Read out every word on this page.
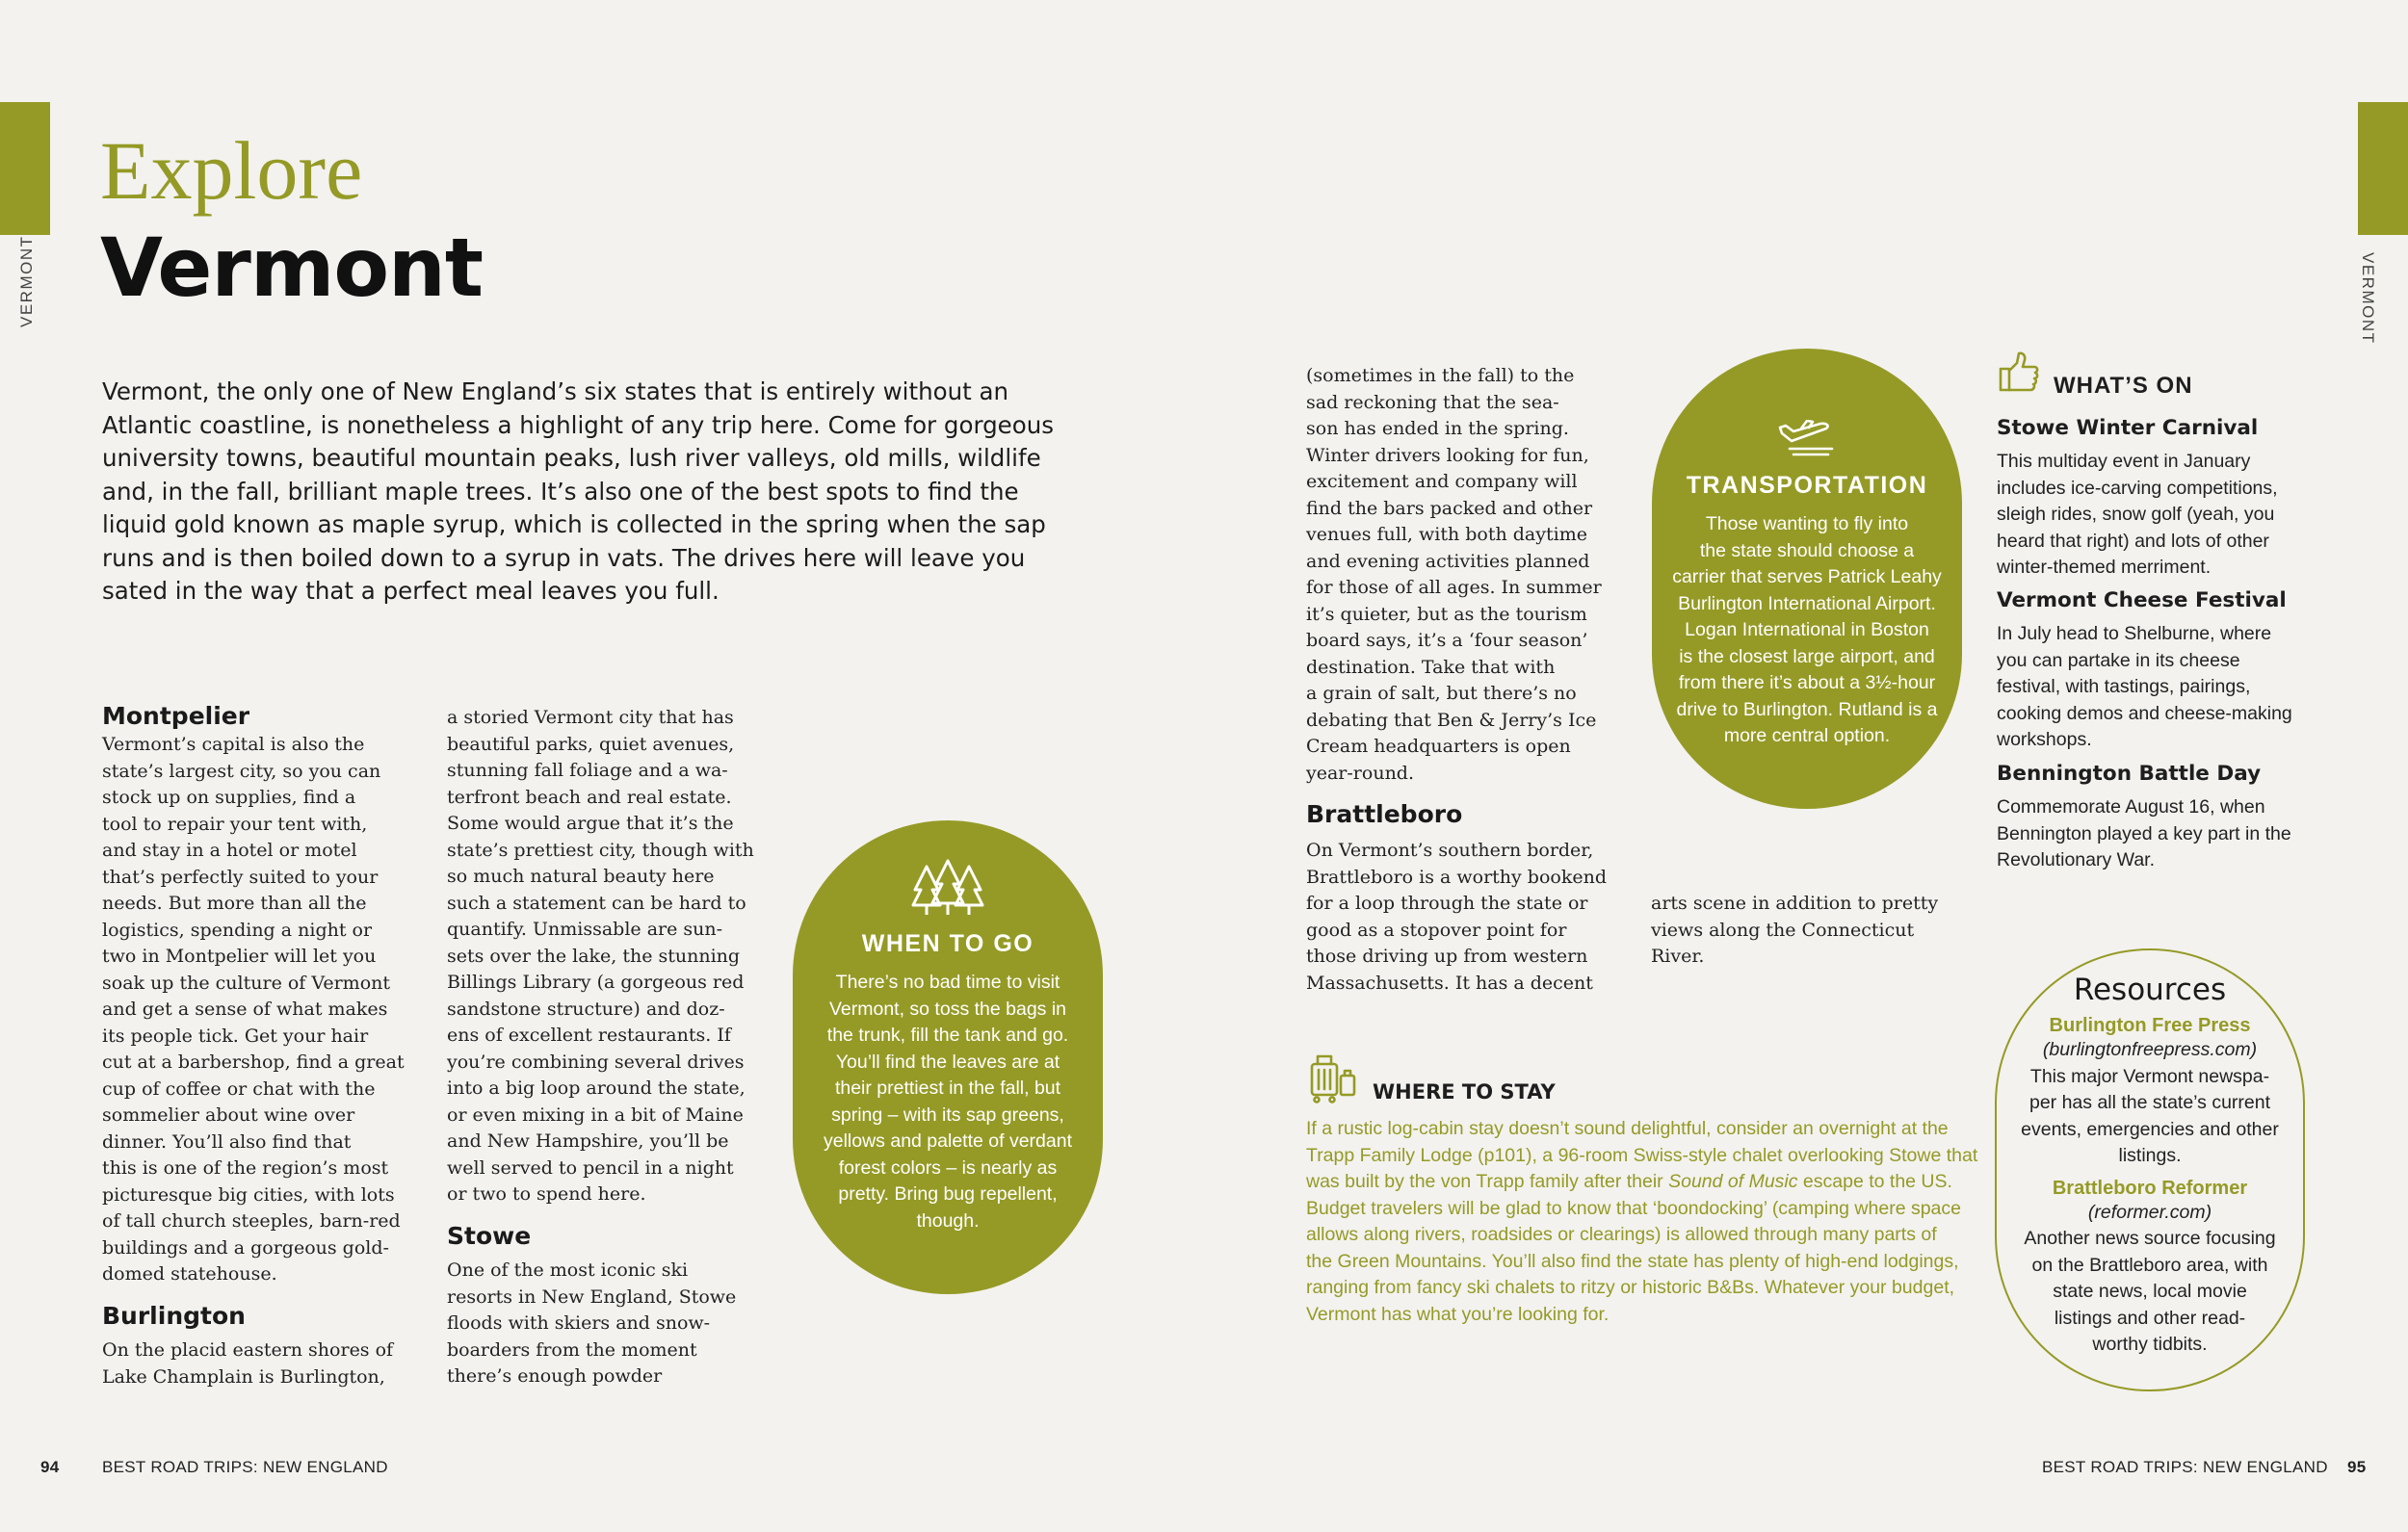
VERMONT
Explore
Vermont
Vermont, the only one of New England’s six states that is entirely without an Atlantic coastline, is nonetheless a highlight of any trip here. Come for gorgeous university towns, beautiful mountain peaks, lush river valleys, old mills, wildlife and, in the fall, brilliant maple trees. It’s also one of the best spots to find the liquid gold known as maple syrup, which is collected in the spring when the sap runs and is then boiled down to a syrup in vats. The drives here will leave you sated in the way that a perfect meal leaves you full.
Montpelier
Vermont’s capital is also the
state’s largest city, so you can
stock up on supplies, find a
tool to repair your tent with,
and stay in a hotel or motel
that’s perfectly suited to your
needs. But more than all the
logistics, spending a night or
two in Montpelier will let you
soak up the culture of Vermont
and get a sense of what makes
its people tick. Get your hair
cut at a barbershop, find a great
cup of coffee or chat with the
sommelier about wine over
dinner. You’ll also find that
this is one of the region’s most
picturesque big cities, with lots
of tall church steeples, barn-red
buildings and a gorgeous gold-
domed statehouse.
Burlington
On the placid eastern shores of
Lake Champlain is Burlington,
a storied Vermont city that has
beautiful parks, quiet avenues,
stunning fall foliage and a wa-
terfront beach and real estate.
Some would argue that it’s the
state’s prettiest city, though with
so much natural beauty here
such a statement can be hard to
quantify. Unmissable are sun-
sets over the lake, the stunning
Billings Library (a gorgeous red
sandstone structure) and doz-
ens of excellent restaurants. If
you’re combining several drives
into a big loop around the state,
or even mixing in a bit of Maine
and New Hampshire, you’ll be
well served to pencil in a night
or two to spend here.
Stowe
One of the most iconic ski
resorts in New England, Stowe
floods with skiers and snow-
boarders from the moment
there’s enough powder
WHEN TO GO
There’s no bad time to visit
Vermont, so toss the bags in
the trunk, fill the tank and go.
You’ll find the leaves are at
their prettiest in the fall, but
spring – with its sap greens,
yellows and palette of verdant
forest colors – is nearly as
pretty. Bring bug repellent,
though.
94	BEST ROAD TRIPS: NEW ENGLAND
VERMONT
(sometimes in the fall) to the
sad reckoning that the sea-
son has ended in the spring.
Winter drivers looking for fun,
excitement and company will
find the bars packed and other
venues full, with both daytime
and evening activities planned
for those of all ages. In summer
it’s quieter, but as the tourism
board says, it’s a ‘four season’
destination. Take that with
a grain of salt, but there’s no
debating that Ben & Jerry’s Ice
Cream headquarters is open
year-round.
Brattleboro
On Vermont’s southern border,
Brattleboro is a worthy bookend
for a loop through the state or
good as a stopover point for
those driving up from western
Massachusetts. It has a decent
arts scene in addition to pretty
views along the Connecticut
River.
TRANSPORTATION
Those wanting to fly into
the state should choose a
carrier that serves Patrick Leahy
Burlington International Airport.
Logan International in Boston
is the closest large airport, and
from there it’s about a 3½-hour
drive to Burlington. Rutland is a
more central option.
WHERE TO STAY
If a rustic log-cabin stay doesn’t sound delightful, consider an overnight at the
Trapp Family Lodge (p101), a 96-room Swiss-style chalet overlooking Stowe that
was built by the von Trapp family after their Sound of Music escape to the US.
Budget travelers will be glad to know that ‘boondocking’ (camping where space
allows along rivers, roadsides or clearings) is allowed through many parts of
the Green Mountains. You’ll also find the state has plenty of high-end lodgings,
ranging from fancy ski chalets to ritzy or historic B&Bs. Whatever your budget,
Vermont has what you’re looking for.
WHAT’S ON
Stowe Winter Carnival
This multiday event in January
includes ice-carving competitions,
sleigh rides, snow golf (yeah, you
heard that right) and lots of other
winter-themed merriment.
Vermont Cheese Festival
In July head to Shelburne, where
you can partake in its cheese
festival, with tastings, pairings,
cooking demos and cheese-making
workshops.
Bennington Battle Day
Commemorate August 16, when
Bennington played a key part in the
Revolutionary War.
Resources
Burlington Free Press
(burlingtonfreepress.com)
This major Vermont newspa-
per has all the state’s current
events, emergencies and other
listings.
Brattleboro Reformer
(reformer.com)
Another news source focusing
on the Brattleboro area, with
state news, local movie
listings and other read-
worthy tidbits.
BEST ROAD TRIPS: NEW ENGLAND 95
